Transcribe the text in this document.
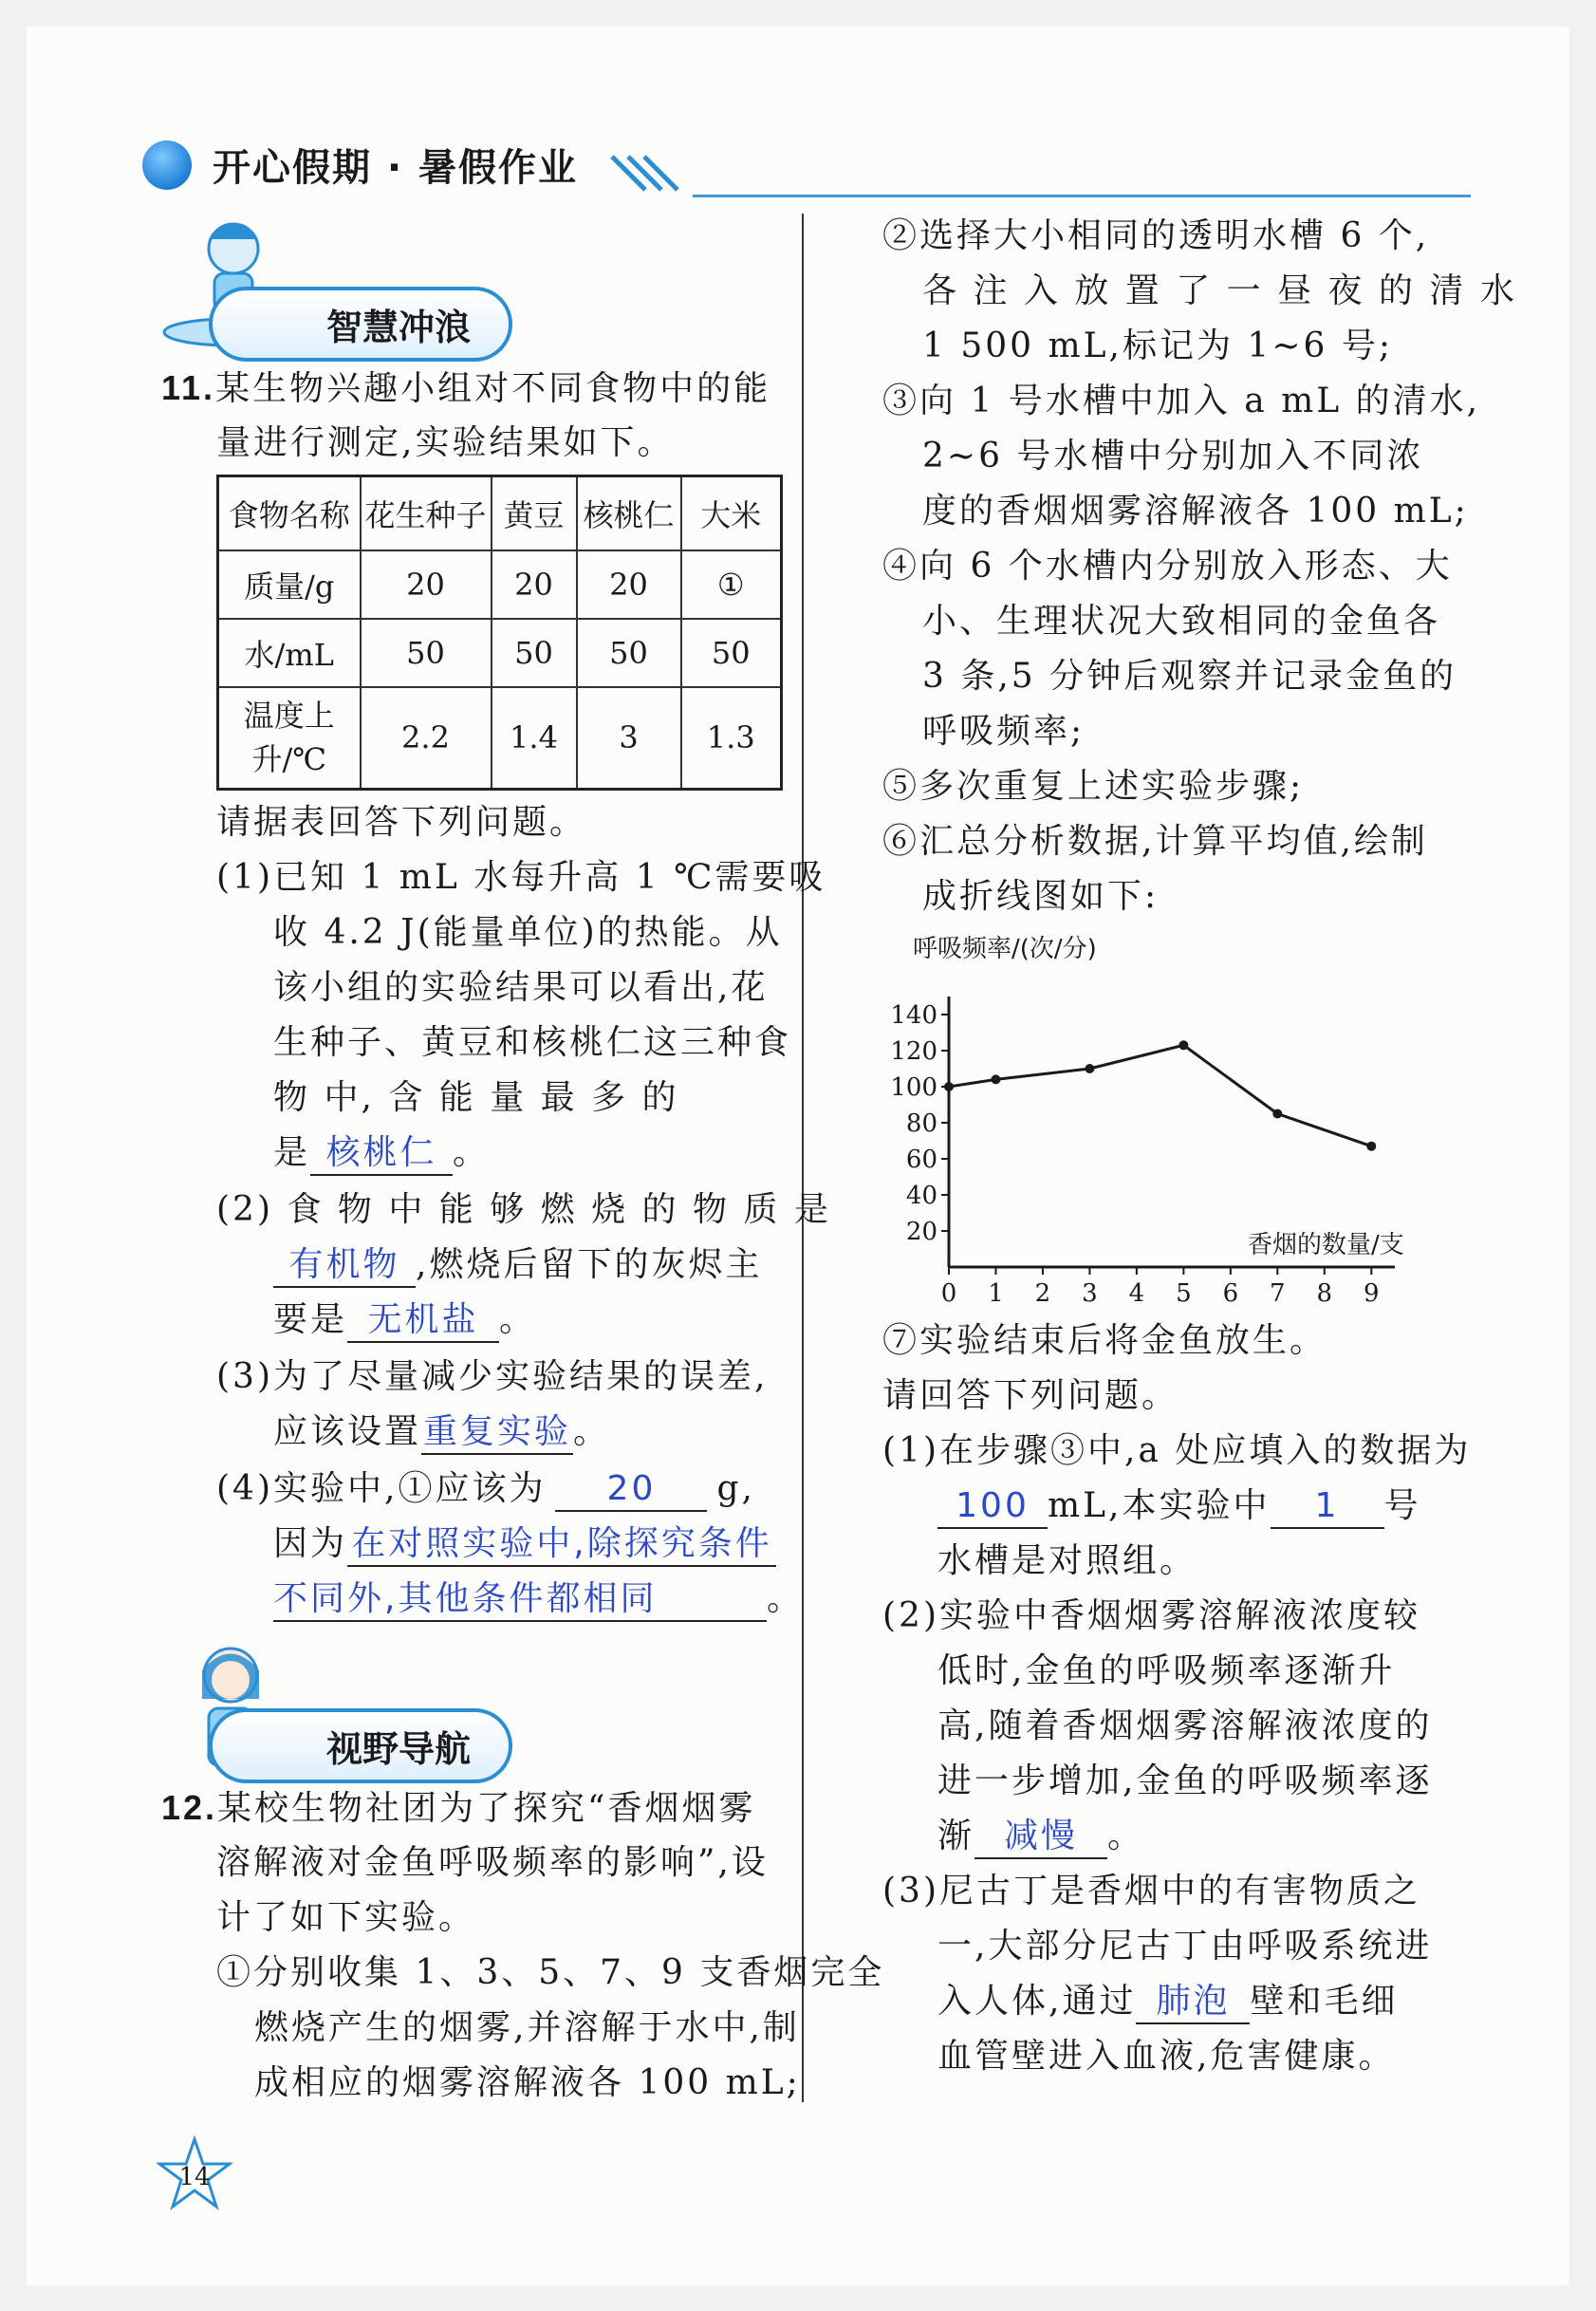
开心假期 · 暑假作业
智慧冲浪
11.某生物兴趣小组对不同食物中的能
量进行测定,实验结果如下。
食物名称	花生种子	黄豆	核桃仁	大米
质量/g	20	20	20	①
水/mL	50	50	50	50

温度上
升/℃	2.2	1.4	3	1.3
请据表回答下列问题。
(1)已知 1 mL 水每升高 1 ℃需要吸
收 4.2 J(能量单位)的热能。从
该小组的实验结果可以看出,花
生种子、黄豆和核桃仁这三种食
物 中, 含 能 量 最 多 的
是 核桃仁 。
(2) 食 物 中 能 够 燃 烧 的 物 质 是
有机物 ,燃烧后留下的灰烬主
要是 无机盐 。
(3)为了尽量减少实验结果的误差,
应该设置重复实验。
(4)实验中,①应该为 20 g,
因为 在对照实验中,除探究条件
不同外,其他条件都相同	。
视野导航
12.某校生物社团为了探究“香烟烟雾
溶解液对金鱼呼吸频率的影响”,设
计了如下实验。
①分别收集 1、3、5、7、9 支香烟完全
燃烧产生的烟雾,并溶解于水中,制
成相应的烟雾溶解液各 100 mL;
②选择大小相同的透明水槽 6 个,
各 注 入 放 置 了 一 昼 夜 的 清 水
1 500 mL,标记为 1~6 号;
③向 1 号水槽中加入 a mL 的清水,
2~6 号水槽中分别加入不同浓
度的香烟烟雾溶解液各 100 mL;
④向 6 个水槽内分别放入形态、大
小、生理状况大致相同的金鱼各
3 条,5 分钟后观察并记录金鱼的
呼吸频率;
⑤多次重复上述实验步骤;
⑥汇总分析数据,计算平均值,绘制
成折线图如下:
呼吸频率/(次/分)
香烟的数量/支
0 1 2 3 4 5 6 7 8 9
20
40
60
80
100
120
140
⑦实验结束后将金鱼放生。
请回答下列问题。
(1)在步骤③中,a 处应填入的数据为
100 mL,本实验中 1 号
水槽是对照组。
(2)实验中香烟烟雾溶解液浓度较
低时,金鱼的呼吸频率逐渐升
高,随着香烟烟雾溶解液浓度的
进一步增加,金鱼的呼吸频率逐
渐 减慢 。
(3)尼古丁是香烟中的有害物质之
一,大部分尼古丁由呼吸系统进
入人体,通过 肺泡 壁和毛细
血管壁进入血液,危害健康。
14
